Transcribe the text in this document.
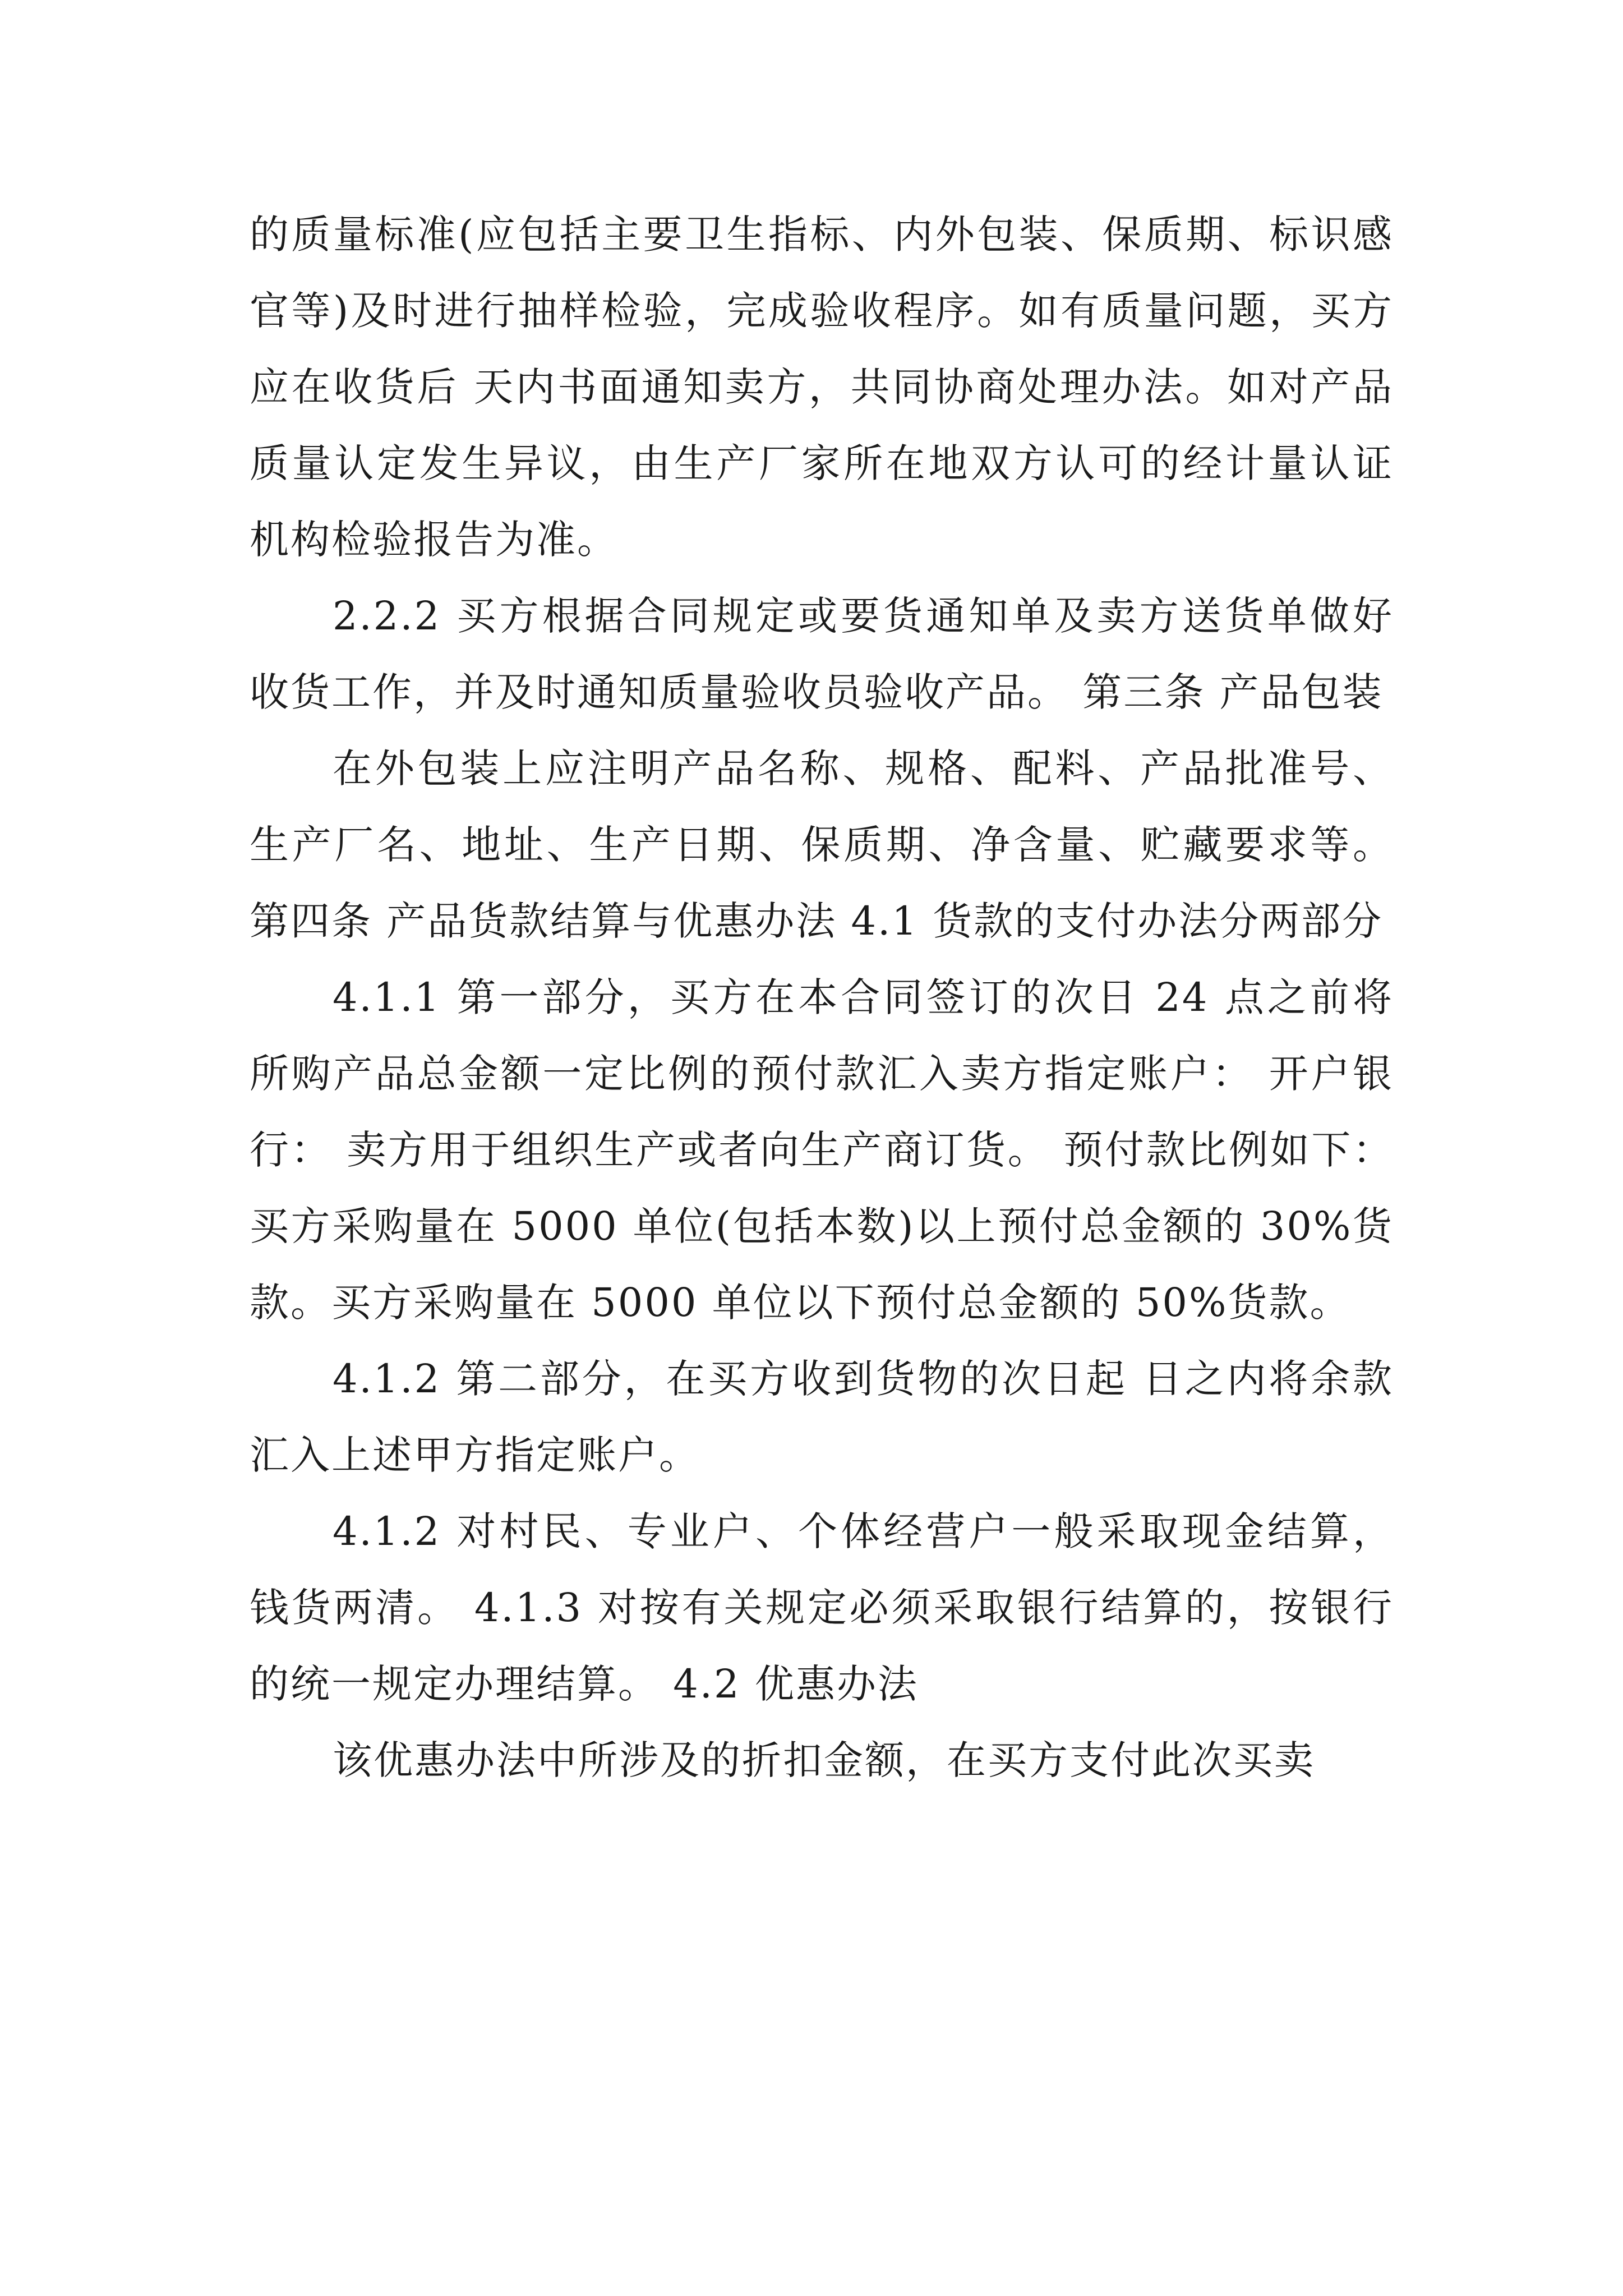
的质量标准(应包括主要卫生指标、内外包装、保质期、标识感官等)及时进行抽样检验，完成验收程序。如有质量问题，买方应在收货后 天内书面通知卖方，共同协商处理办法。如对产品质量认定发生异议，由生产厂家所在地双方认可的经计量认证机构检验报告为准。

2.2.2 买方根据合同规定或要货通知单及卖方送货单做好收货工作，并及时通知质量验收员验收产品。 第三条 产品包装

在外包装上应注明产品名称、规格、配料、产品批准号、生产厂名、地址、生产日期、保质期、净含量、贮藏要求等。 第四条 产品货款结算与优惠办法 4.1 货款的支付办法分两部分

4.1.1 第一部分，买方在本合同签订的次日 24 点之前将所购产品总金额一定比例的预付款汇入卖方指定账户： 开户银行： 卖方用于组织生产或者向生产商订货。 预付款比例如下：买方采购量在 5000 单位(包括本数)以上预付总金额的 30%货款。买方采购量在 5000 单位以下预付总金额的 50%货款。

4.1.2 第二部分，在买方收到货物的次日起 日之内将余款汇入上述甲方指定账户。

4.1.2 对村民、专业户、个体经营户一般采取现金结算，钱货两清。 4.1.3 对按有关规定必须采取银行结算的，按银行的统一规定办理结算。 4.2 优惠办法

该优惠办法中所涉及的折扣金额，在买方支付此次买卖
